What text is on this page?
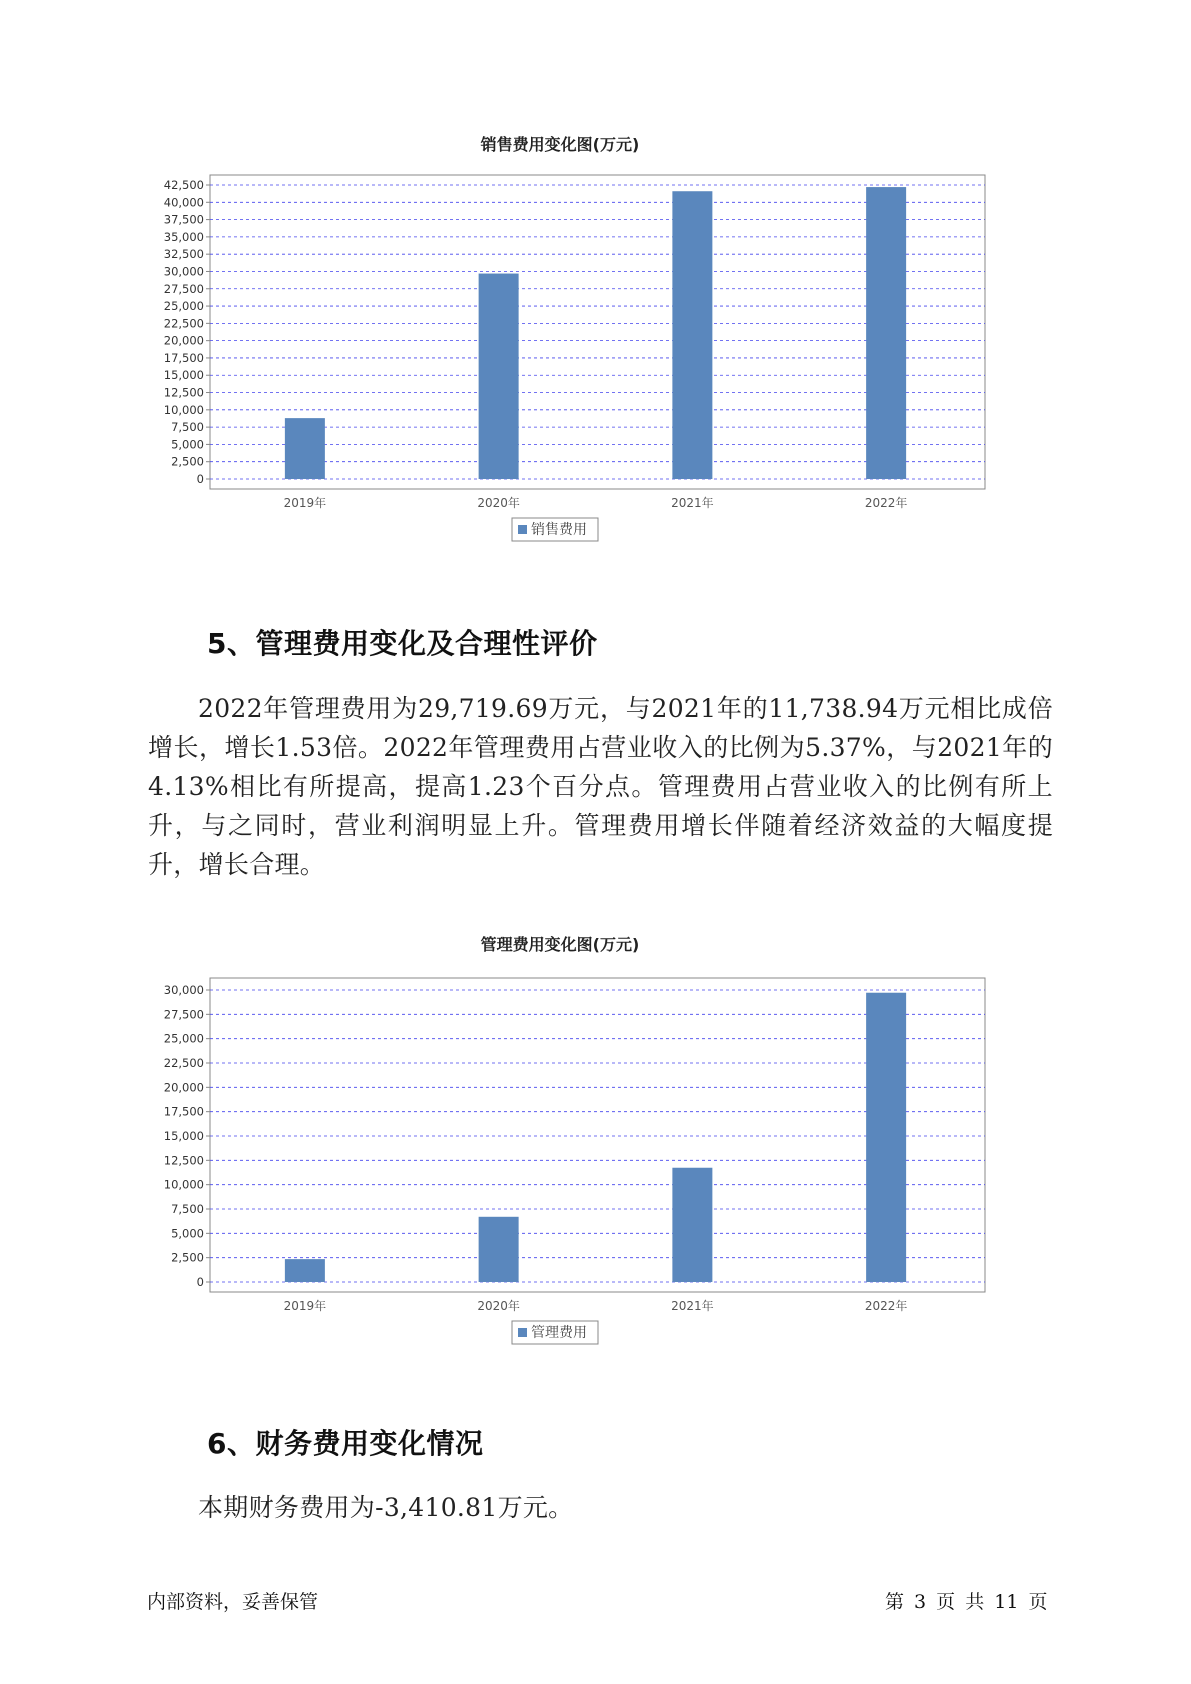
销售费用变化图(万元)
0
2,500
5,000
7,500
10,000
12,500
15,000
17,500
20,000
22,500
25,000
27,500
30,000
32,500
35,000
37,500
40,000
42,500
2019年	2020年	2021年	2022年
销售费用
5、管理费用变化及合理性评价

2022年管理费用为29,719.69万元，与2021年的11,738.94万元相比成倍增长，增长1.53倍。2022年管理费用占营业收入的比例为5.37%，与2021年的4.13%相比有所提高，提高1.23个百分点。管理费用占营业收入的比例有所上升，与之同时，营业利润明显上升。管理费用增长伴随着经济效益的大幅度提升，增长合理。

管理费用变化图(万元)
0
2,500
5,000
7,500
10,000
12,500
15,000
17,500
20,000
22,500
25,000
27,500
30,000
2019年	2020年	2021年	2022年
管理费用
6、财务费用变化情况

本期财务费用为-3,410.81万元。

内部资料，妥善保管	第 3 页 共 11 页
